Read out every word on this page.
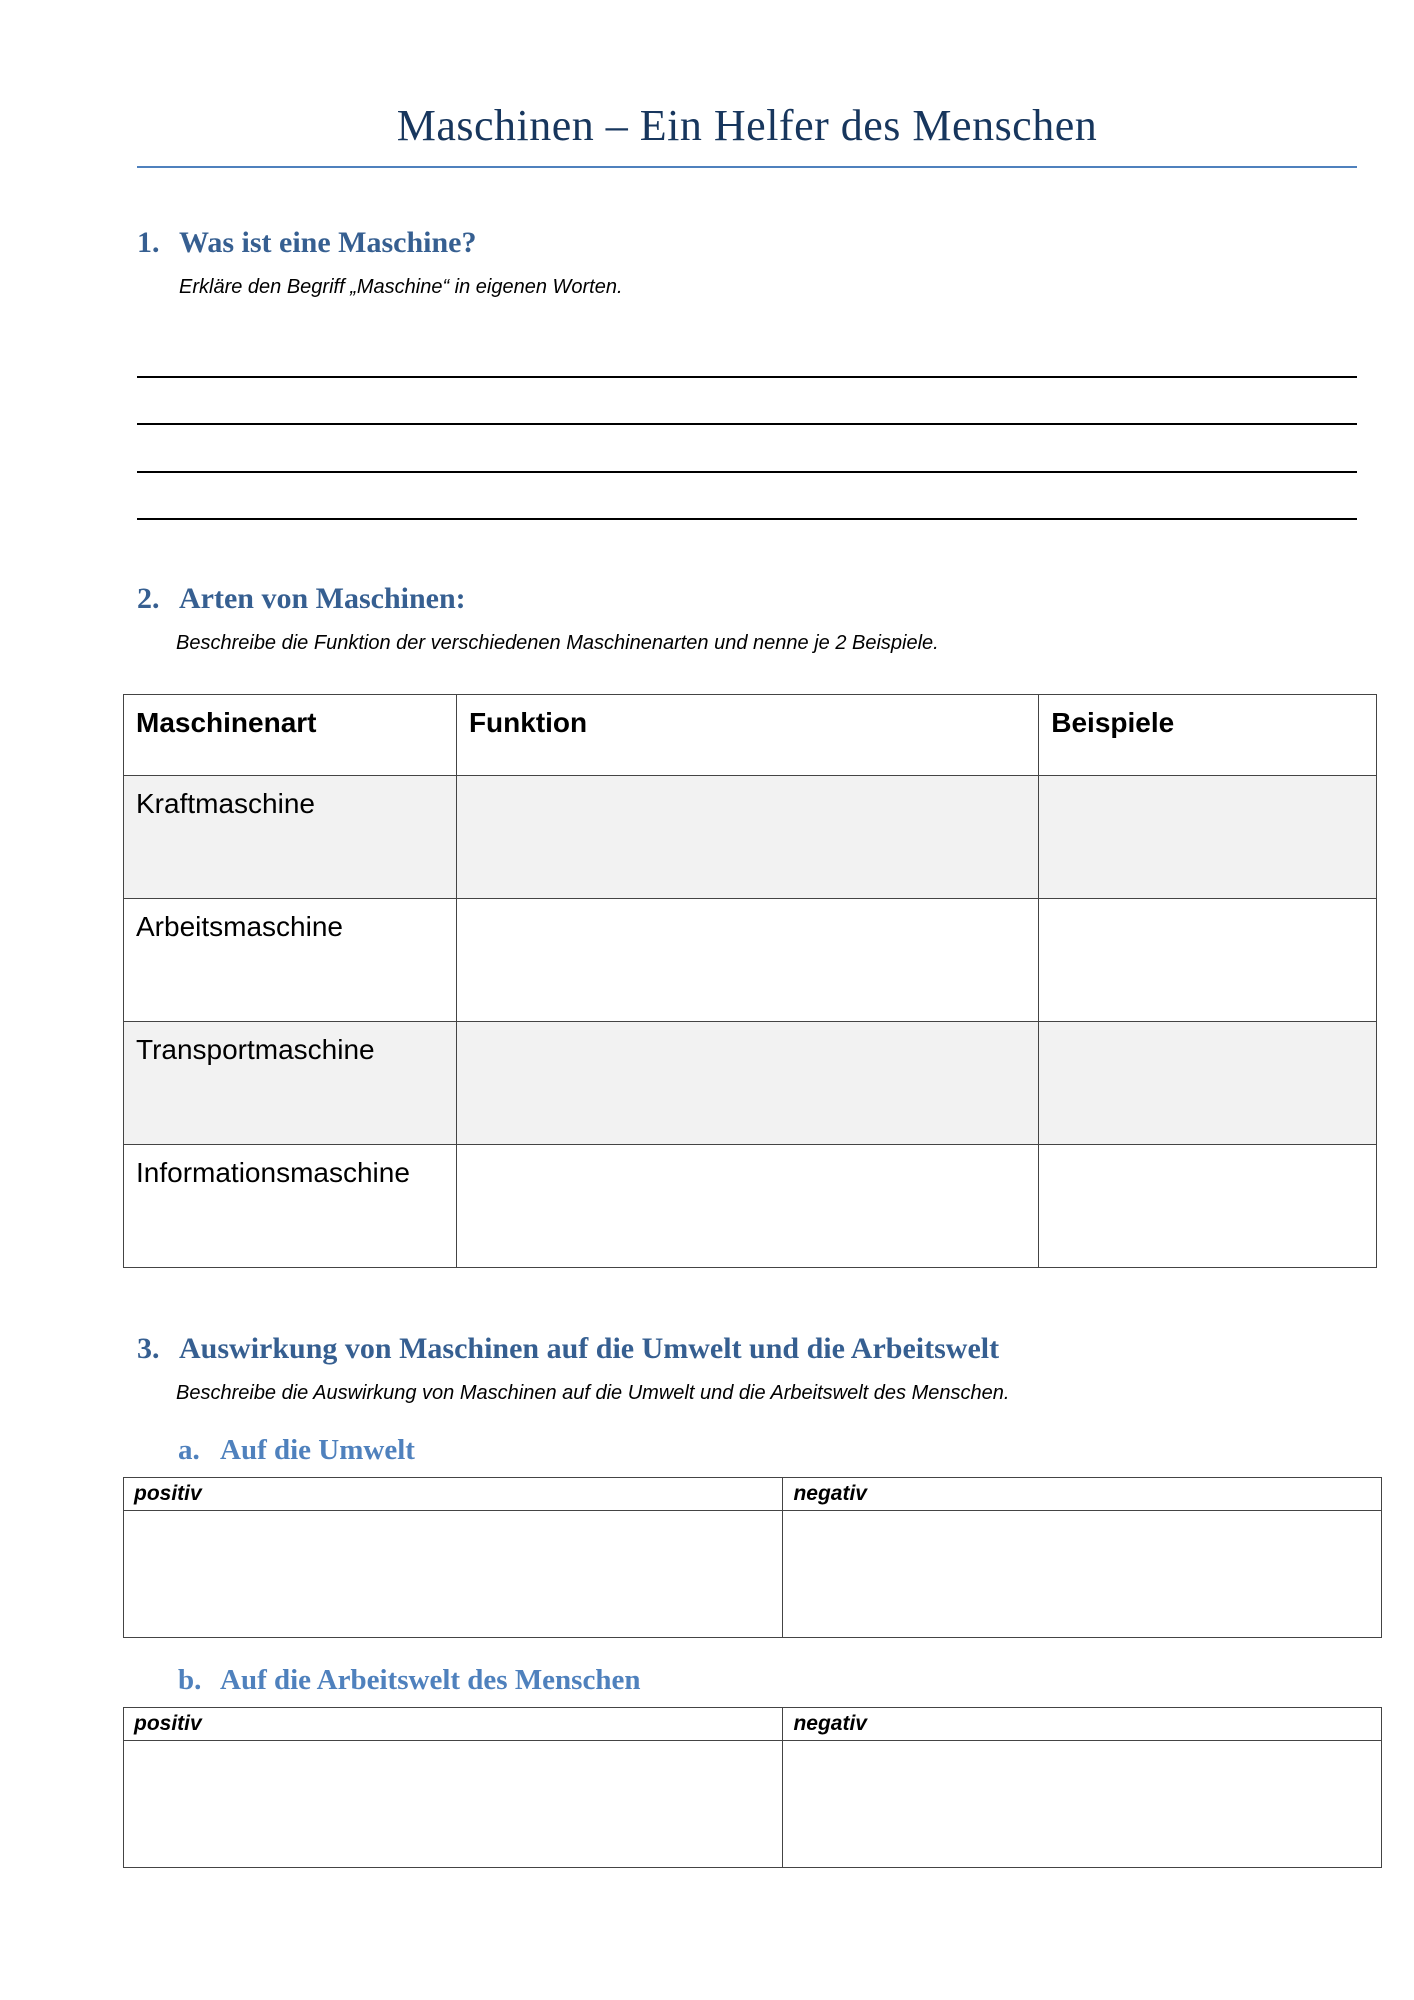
Maschinen – Ein Helfer des Menschen
1. Was ist eine Maschine?
Erkläre den Begriff „Maschine“ in eigenen Worten.
2. Arten von Maschinen:
Beschreibe die Funktion der verschiedenen Maschinenarten und nenne je 2 Beispiele.
Maschinenart	Funktion	Beispiele
Kraftmaschine		
Arbeitsmaschine		
Transportmaschine		
Informationsmaschine		
3. Auswirkung von Maschinen auf die Umwelt und die Arbeitswelt
Beschreibe die Auswirkung von Maschinen auf die Umwelt und die Arbeitswelt des Menschen.
a. Auf die Umwelt
positiv	negativ

b. Auf die Arbeitswelt des Menschen
positiv	negativ
